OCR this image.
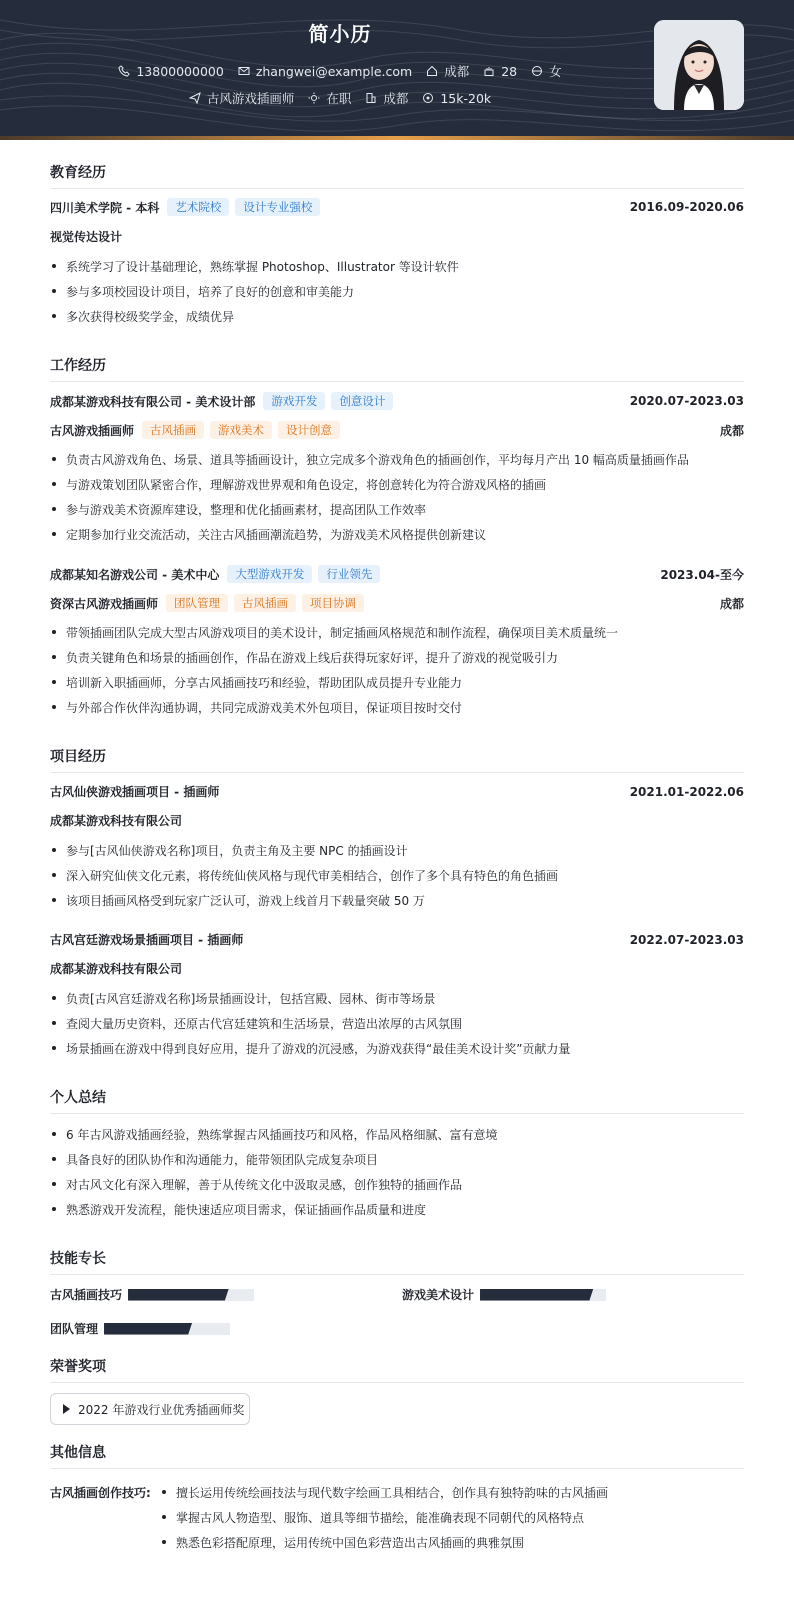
简小历
13800000000	zhangwei@example.com	成都	28	女
古风游戏插画师	在职	成都	15k-20k
教育经历
四川美术学院 - 本科	艺术院校	设计专业强校	2016.09-2020.06
视觉传达设计
系统学习了设计基础理论，熟练掌握 Photoshop、Illustrator 等设计软件
参与多项校园设计项目，培养了良好的创意和审美能力
多次获得校级奖学金，成绩优异
工作经历
成都某游戏科技有限公司 - 美术设计部	游戏开发	创意设计	2020.07-2023.03
古风游戏插画师	古风插画	游戏美术	设计创意	成都
负责古风游戏角色、场景、道具等插画设计，独立完成多个游戏角色的插画创作，平均每月产出 10 幅高质量插画作品
与游戏策划团队紧密合作，理解游戏世界观和角色设定，将创意转化为符合游戏风格的插画
参与游戏美术资源库建设，整理和优化插画素材，提高团队工作效率
定期参加行业交流活动，关注古风插画潮流趋势，为游戏美术风格提供创新建议
成都某知名游戏公司 - 美术中心	大型游戏开发	行业领先	2023.04-至今
资深古风游戏插画师	团队管理	古风插画	项目协调	成都
带领插画团队完成大型古风游戏项目的美术设计，制定插画风格规范和制作流程，确保项目美术质量统一
负责关键角色和场景的插画创作，作品在游戏上线后获得玩家好评，提升了游戏的视觉吸引力
培训新入职插画师，分享古风插画技巧和经验，帮助团队成员提升专业能力
与外部合作伙伴沟通协调，共同完成游戏美术外包项目，保证项目按时交付
项目经历
古风仙侠游戏插画项目 - 插画师	2021.01-2022.06
成都某游戏科技有限公司
参与[古风仙侠游戏名称]项目，负责主角及主要 NPC 的插画设计
深入研究仙侠文化元素，将传统仙侠风格与现代审美相结合，创作了多个具有特色的角色插画
该项目插画风格受到玩家广泛认可，游戏上线首月下载量突破 50 万
古风宫廷游戏场景插画项目 - 插画师	2022.07-2023.03
成都某游戏科技有限公司
负责[古风宫廷游戏名称]场景插画设计，包括宫殿、园林、街市等场景
查阅大量历史资料，还原古代宫廷建筑和生活场景，营造出浓厚的古风氛围
场景插画在游戏中得到良好应用，提升了游戏的沉浸感，为游戏获得“最佳美术设计奖”贡献力量
个人总结
6 年古风游戏插画经验，熟练掌握古风插画技巧和风格，作品风格细腻、富有意境
具备良好的团队协作和沟通能力，能带领团队完成复杂项目
对古风文化有深入理解，善于从传统文化中汲取灵感，创作独特的插画作品
熟悉游戏开发流程，能快速适应项目需求，保证插画作品质量和进度
技能专长
古风插画技巧	游戏美术设计
团队管理
荣誉奖项
2022 年游戏行业优秀插画师奖
其他信息
古风插画创作技巧:	擅长运用传统绘画技法与现代数字绘画工具相结合，创作具有独特韵味的古风插画
掌握古风人物造型、服饰、道具等细节描绘，能准确表现不同朝代的风格特点
熟悉色彩搭配原理，运用传统中国色彩营造出古风插画的典雅氛围
